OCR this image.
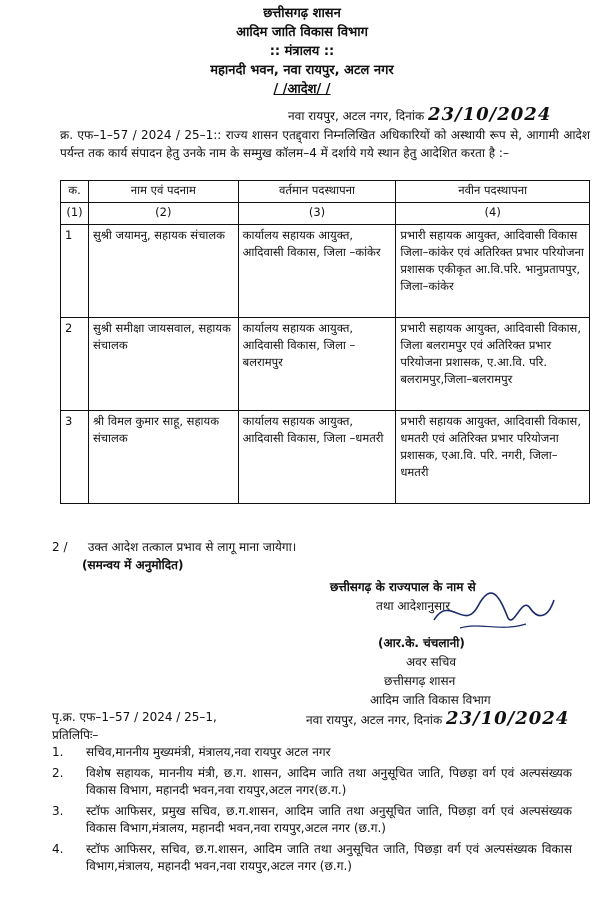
छत्तीसगढ़ शासन
आदिम जाति विकास विभाग
:: मंत्रालय ::
महानदी भवन, नवा रायपुर, अटल नगर
/ /आदेश/ /
नवा रायपुर, अटल नगर, दिनांक 23/10/2024
क्र. एफ–1–57 / 2024 / 25–1:: राज्य शासन एतद्द्वारा निम्नलिखित अधिकारियों को अस्थायी रूप से, आगामी आदेश पर्यन्त तक कार्य संपादन हेतु उनके नाम के सम्मुख कॉलम–4 में दर्शाये गये स्थान हेतु आदेशित करता है :–
क.	नाम एवं पदनाम	वर्तमान पदस्थापना	नवीन पदस्थापना
(1)	(2)	(3)	(4)
1	सुश्री जयामनु, सहायक संचालक	कार्यालय सहायक आयुक्त, आदिवासी विकास, जिला –कांकेर	प्रभारी सहायक आयुक्त, आदिवासी विकास जिला–कांकेर एवं अतिरिक्त प्रभार परियोजना प्रशासक एकीकृत आ.वि.परि. भानुप्रतापपुर, जिला–कांकेर
2	सुश्री समीक्षा जायसवाल, सहायक संचालक	कार्यालय सहायक आयुक्त, आदिवासी विकास, जिला –बलरामपुर	प्रभारी सहायक आयुक्त, आदिवासी विकास, जिला बलरामपुर एवं अतिरिक्त प्रभार परियोजना प्रशासक, ए.आ.वि. परि. बलरामपुर,जिला–बलरामपुर
3	श्री विमल कुमार साहू, सहायक संचालक	कार्यालय सहायक आयुक्त, आदिवासी विकास, जिला –धमतरी	प्रभारी सहायक आयुक्त, आदिवासी विकास, धमतरी एवं अतिरिक्त प्रभार परियोजना प्रशासक, एआ.वि. परि. नगरी, जिला–धमतरी
2 / उक्त आदेश तत्काल प्रभाव से लागू माना जायेगा।
(समन्वय में अनुमोदित)
छत्तीसगढ़ के राज्यपाल के नाम से
तथा आदेशानुसार
(आर.के. चंचलानी)
अवर सचिव
छत्तीसगढ़ शासन
आदिम जाति विकास विभाग
पृ.क्र. एफ–1–57 / 2024 / 25–1,	नवा रायपुर, अटल नगर, दिनांक 23/10/2024
प्रतिलिपिः–
1.	सचिव,माननीय मुख्यमंत्री, मंत्रालय,नवा रायपुर अटल नगर
2.	विशेष सहायक, माननीय मंत्री, छ.ग. शासन, आदिम जाति तथा अनुसूचित जाति, पिछड़ा वर्ग एवं अल्पसंख्यक विकास विभाग, महानदी भवन,नवा रायपुर,अटल नगर(छ.ग.)
3.	स्टॉफ आफिसर, प्रमुख सचिव, छ.ग.शासन, आदिम जाति तथा अनुसूचित जाति, पिछड़ा वर्ग एवं अल्पसंख्यक विकास विभाग,मंत्रालय, महानदी भवन,नवा रायपुर,अटल नगर (छ.ग.)
4.	स्टॉफ आफिसर, सचिव, छ.ग.शासन, आदिम जाति तथा अनुसूचित जाति, पिछड़ा वर्ग एवं अल्पसंख्यक विकास विभाग,मंत्रालय, महानदी भवन,नवा रायपुर,अटल नगर (छ.ग.)
